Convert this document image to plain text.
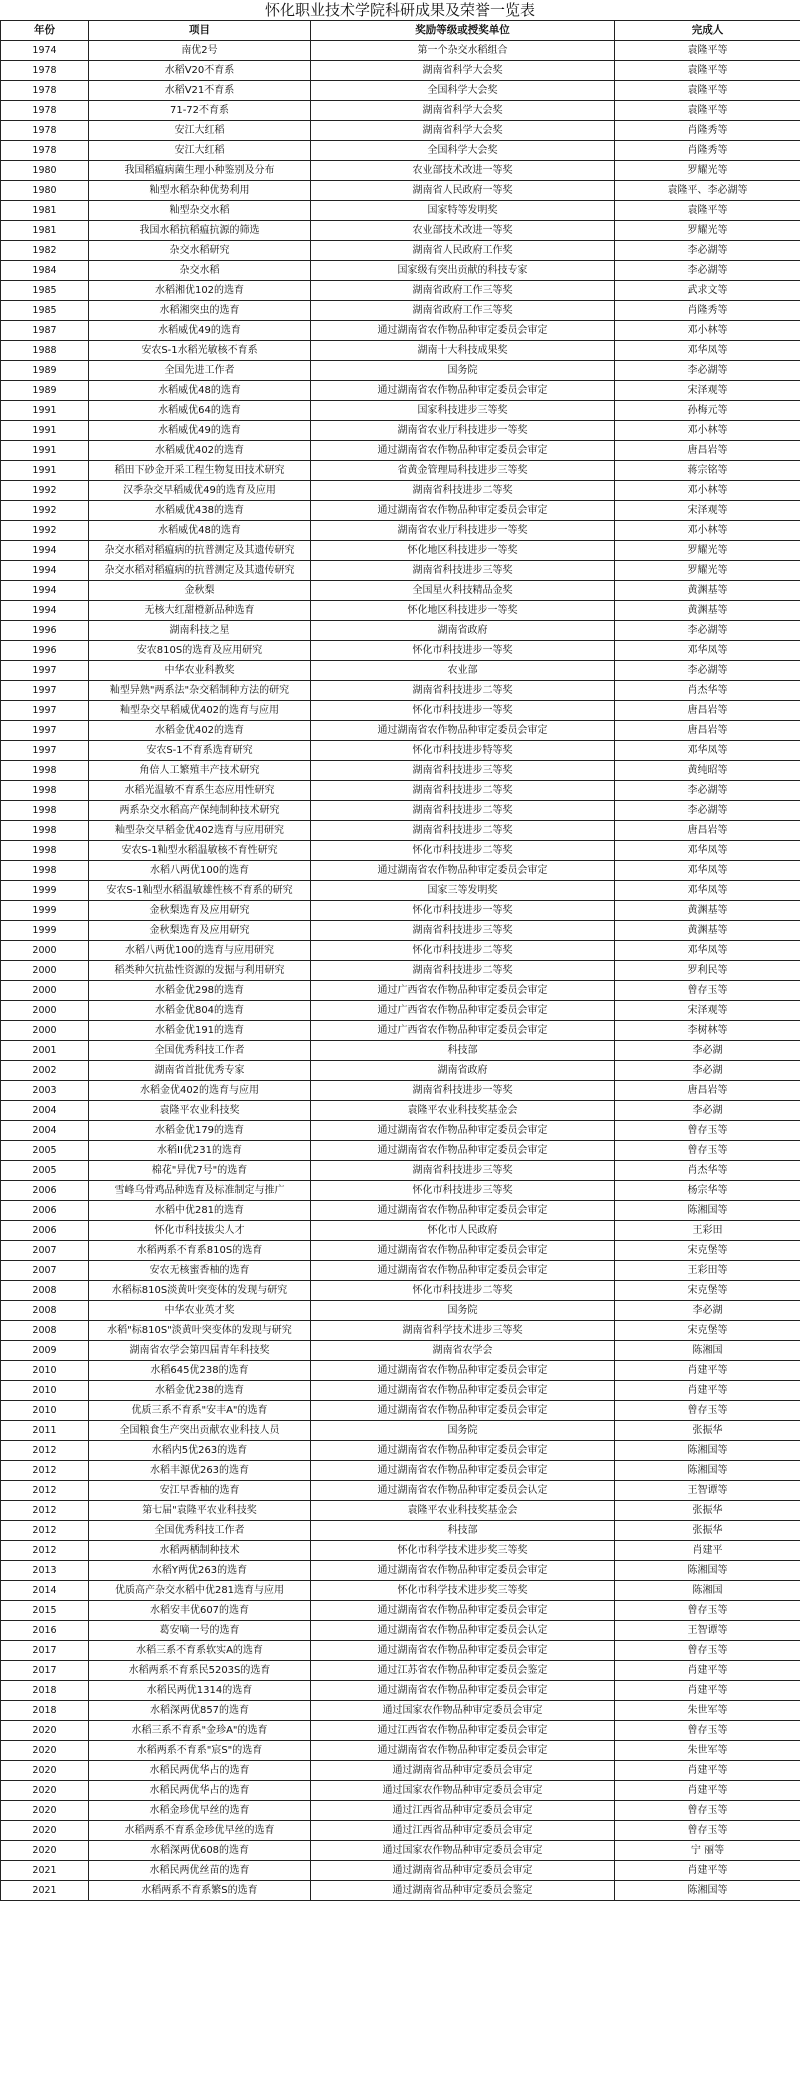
怀化职业技术学院科研成果及荣誉一览表
年份	项目	奖励等级或授奖单位	完成人
1974	南优2号	第一个杂交水稻组合	袁隆平等
1978	水稻V20不育系	湖南省科学大会奖	袁隆平等
1978	水稻V21不育系	全国科学大会奖	袁隆平等
1978	71-72不育系	湖南省科学大会奖	袁隆平等
1978	安江大红稻	湖南省科学大会奖	肖隆秀等
1978	安江大红稻	全国科学大会奖	肖隆秀等
1980	我国稻瘟病菌生理小种鉴别及分布	农业部技术改进一等奖	罗耀光等
1980	籼型水稻杂种优势利用	湖南省人民政府一等奖	袁隆平、李必湖等
1981	籼型杂交水稻	国家特等发明奖	袁隆平等
1981	我国水稻抗稻瘟抗源的筛选	农业部技术改进一等奖	罗耀光等
1982	杂交水稻研究	湖南省人民政府工作奖	李必湖等
1984	杂交水稻	国家级有突出贡献的科技专家	李必湖等
1985	水稻湘优102的选育	湖南省政府工作三等奖	武求文等
1985	水稻湘突虫的选育	湖南省政府工作三等奖	肖隆秀等
1987	水稻威优49的选育	通过湖南省农作物品种审定委员会审定	邓小林等
1988	安农S-1水稻光敏核不育系	湖南十大科技成果奖	邓华凤等
1989	全国先进工作者	国务院	李必湖等
1989	水稻威优48的选育	通过湖南省农作物品种审定委员会审定	宋泽观等
1991	水稻威优64的选育	国家科技进步三等奖	孙梅元等
1991	水稻威优49的选育	湖南省农业厅科技进步一等奖	邓小林等
1991	水稻威优402的选育	通过湖南省农作物品种审定委员会审定	唐昌岩等
1991	稻田下砂金开采工程生物复田技术研究	省黄金管理局科技进步三等奖	蒋宗铭等
1992	汉季杂交早稻威优49的选育及应用	湖南省科技进步二等奖	邓小林等
1992	水稻威优438的选育	通过湖南省农作物品种审定委员会审定	宋泽观等
1992	水稻威优48的选育	湖南省农业厅科技进步一等奖	邓小林等
1994	杂交水稻对稻瘟病的抗普测定及其遗传研究	怀化地区科技进步一等奖	罗耀光等
1994	杂交水稻对稻瘟病的抗普测定及其遗传研究	湖南省科技进步三等奖	罗耀光等
1994	金秋梨	全国星火科技精品金奖	黄渊基等
1994	无核大红甜橙新品种选育	怀化地区科技进步一等奖	黄渊基等
1996	湖南科技之星	湖南省政府	李必湖等
1996	安农810S的选育及应用研究	怀化市科技进步一等奖	邓华凤等
1997	中华农业科教奖	农业部	李必湖等
1997	籼型异熟"两系法"杂交稻制种方法的研究	湖南省科技进步二等奖	肖杰华等
1997	籼型杂交早稻威优402的选育与应用	怀化市科技进步一等奖	唐昌岩等
1997	水稻金优402的选育	通过湖南省农作物品种审定委员会审定	唐昌岩等
1997	安农S-1不育系选育研究	怀化市科技进步特等奖	邓华凤等
1998	角倍人工繁殖丰产技术研究	湖南省科技进步三等奖	黄纯昭等
1998	水稻光温敏不育系生态应用性研究	湖南省科技进步二等奖	李必湖等
1998	两系杂交水稻高产保纯制种技术研究	湖南省科技进步二等奖	李必湖等
1998	籼型杂交早稻金优402选育与应用研究	湖南省科技进步二等奖	唐昌岩等
1998	安农S-1籼型水稻温敏核不育性研究	怀化市科技进步二等奖	邓华凤等
1998	水稻八两优100的选育	通过湖南省农作物品种审定委员会审定	邓华凤等
1999	安农S-1籼型水稻温敏雄性核不育系的研究	国家三等发明奖	邓华凤等
1999	金秋梨选育及应用研究	怀化市科技进步一等奖	黄渊基等
1999	金秋梨选育及应用研究	湖南省科技进步三等奖	黄渊基等
2000	水稻八两优100的选育与应用研究	怀化市科技进步二等奖	邓华凤等
2000	稻类种欠抗盐性资源的发掘与利用研究	湖南省科技进步二等奖	罗利民等
2000	水稻金优298的选育	通过广西省农作物品种审定委员会审定	曾存玉等
2000	水稻金优804的选育	通过广西省农作物品种审定委员会审定	宋泽观等
2000	水稻金优191的选育	通过广西省农作物品种审定委员会审定	李树林等
2001	全国优秀科技工作者	科技部	李必湖
2002	湖南省首批优秀专家	湖南省政府	李必湖
2003	水稻金优402的选育与应用	湖南省科技进步一等奖	唐昌岩等
2004	袁隆平农业科技奖	袁隆平农业科技奖基金会	李必湖
2004	水稻金优179的选育	通过湖南省农作物品种审定委员会审定	曾存玉等
2005	水稻II优231的选育	通过湖南省农作物品种审定委员会审定	曾存玉等
2005	棉花"异优7号"的选育	湖南省科技进步三等奖	肖杰华等
2006	雪峰乌骨鸡品种选育及标准制定与推广	怀化市科技进步三等奖	杨宗华等
2006	水稻中优281的选育	通过湖南省农作物品种审定委员会审定	陈湘国等
2006	怀化市科技拔尖人才	怀化市人民政府	王彩田
2007	水稻两系不育系810S的选育	通过湖南省农作物品种审定委员会审定	宋克堡等
2007	安农无核蜜香柚的选育	通过湖南省农作物品种审定委员会审定	王彩田等
2008	水稻标810S淡黄叶突变体的发现与研究	怀化市科技进步二等奖	宋克堡等
2008	中华农业英才奖	国务院	李必湖
2008	水稻"标810S"淡黄叶突变体的发现与研究	湖南省科学技术进步三等奖	宋克堡等
2009	湖南省农学会第四届青年科技奖	湖南省农学会	陈湘国
2010	水稻645优238的选育	通过湖南省农作物品种审定委员会审定	肖建平等
2010	水稻金优238的选育	通过湖南省农作物品种审定委员会审定	肖建平等
2010	优质三系不育系"安丰A"的选育	通过湖南省农作物品种审定委员会审定	曾存玉等
2011	全国粮食生产突出贡献农业科技人员	国务院	张振华
2012	水稻内5优263的选育	通过湖南省农作物品种审定委员会审定	陈湘国等
2012	水稻丰源优263的选育	通过湖南省农作物品种审定委员会审定	陈湘国等
2012	安江早香柚的选育	通过湖南省农作物品种审定委员会认定	王智谭等
2012	第七届"袁隆平农业科技奖	袁隆平农业科技奖基金会	张振华
2012	全国优秀科技工作者	科技部	张振华
2012	水稻两栖制种技术	怀化市科学技术进步奖三等奖	肖建平
2013	水稻Y两优263的选育	通过湖南省农作物品种审定委员会审定	陈湘国等
2014	优质高产杂交水稻中优281选育与应用	怀化市科学技术进步奖三等奖	陈湘国
2015	水稻安丰优607的选育	通过湖南省农作物品种审定委员会审定	曾存玉等
2016	葛安嘀一号的选育	通过湖南省农作物品种审定委员会认定	王智谭等
2017	水稻三系不育系软实A的选育	通过湖南省农作物品种审定委员会审定	曾存玉等
2017	水稻两系不育系民5203S的选育	通过江苏省农作物品种审定委员会鉴定	肖建平等
2018	水稻民两优1314的选育	通过湖南省农作物品种审定委员会审定	肖建平等
2018	水稻深两优857的选育	通过国家农作物品种审定委员会审定	朱世军等
2020	水稻三系不育系"金珍A"的选育	通过江西省农作物品种审定委员会审定	曾存玉等
2020	水稻两系不育系"宸S"的选育	通过湖南省农作物品种审定委员会审定	朱世军等
2020	水稻民两优华占的选育	通过湖南省品种审定委员会审定	肖建平等
2020	水稻民两优华占的选育	通过国家农作物品种审定委员会审定	肖建平等
2020	水稻金珍优早丝的选育	通过江西省品种审定委员会审定	曾存玉等
2020	水稻两系不育系金珍优早丝的选育	通过江西省品种审定委员会审定	曾存玉等
2020	水稻深两优608的选育	通过国家农作物品种审定委员会审定	宁 丽等
2021	水稻民两优丝苗的选育	通过湖南省品种审定委员会审定	肖建平等
2021	水稻两系不育系繁S的选育	通过湖南省品种审定委员会鉴定	陈湘国等
